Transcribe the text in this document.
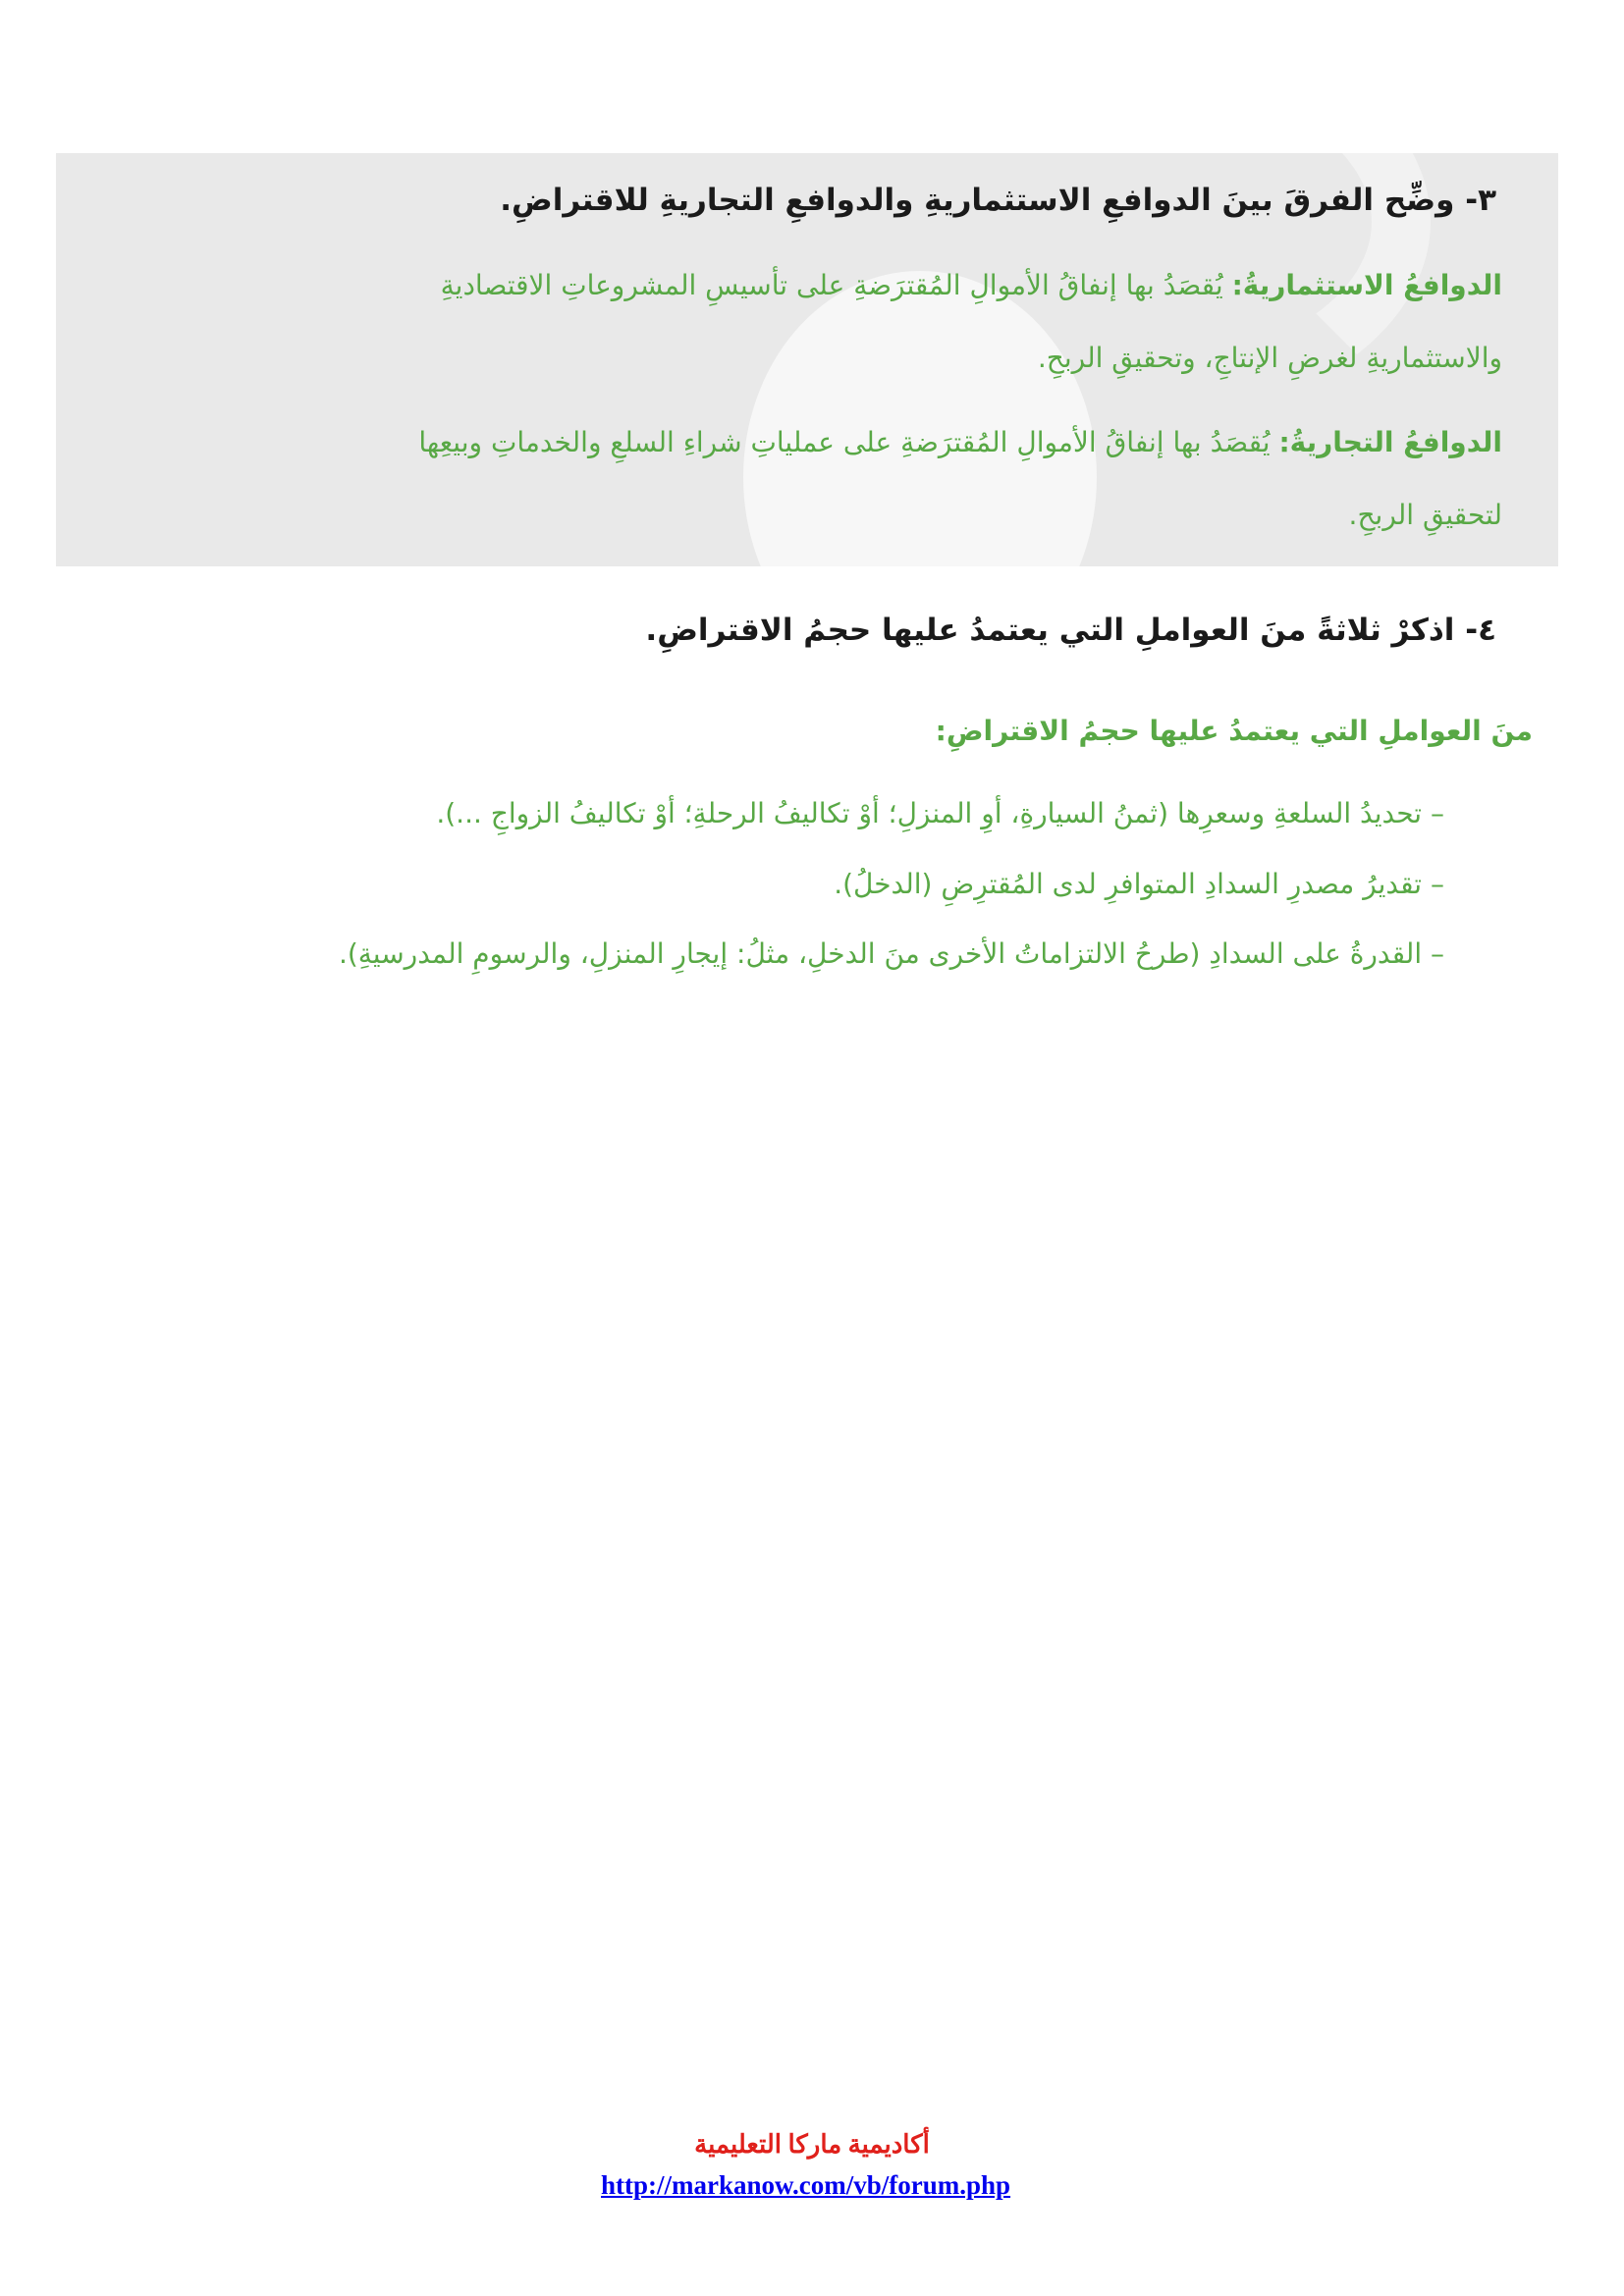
٣- وضِّح الفرقَ بينَ الدوافعِ الاستثماريةِ والدوافعِ التجاريةِ للاقتراضِ.
الدوافعُ الاستثماريةُ: يُقصَدُ بها إنفاقُ الأموالِ المُقترَضةِ على تأسيسِ المشروعاتِ الاقتصاديةِ
والاستثماريةِ لغرضِ الإنتاجِ، وتحقيقِ الربحِ.
الدوافعُ التجاريةُ: يُقصَدُ بها إنفاقُ الأموالِ المُقترَضةِ على عملياتِ شراءِ السلعِ والخدماتِ وبيعِها
لتحقيقِ الربحِ.
٤- اذكرْ ثلاثةً منَ العواملِ التي يعتمدُ عليها حجمُ الاقتراضِ.
منَ العواملِ التي يعتمدُ عليها حجمُ الاقتراضِ:
– تحديدُ السلعةِ وسعرِها (ثمنُ السيارةِ، أوِ المنزلِ؛ أوْ تكاليفُ الرحلةِ؛ أوْ تكاليفُ الزواجِ ...).
– تقديرُ مصدرِ السدادِ المتوافرِ لدى المُقترِضِ (الدخلُ).
– القدرةُ على السدادِ (طرحُ الالتزاماتُ الأخرى منَ الدخلِ، مثلُ: إيجارِ المنزلِ، والرسومِ المدرسيةِ).
أكاديمية ماركا التعليمية
http://markanow.com/vb/forum.php
